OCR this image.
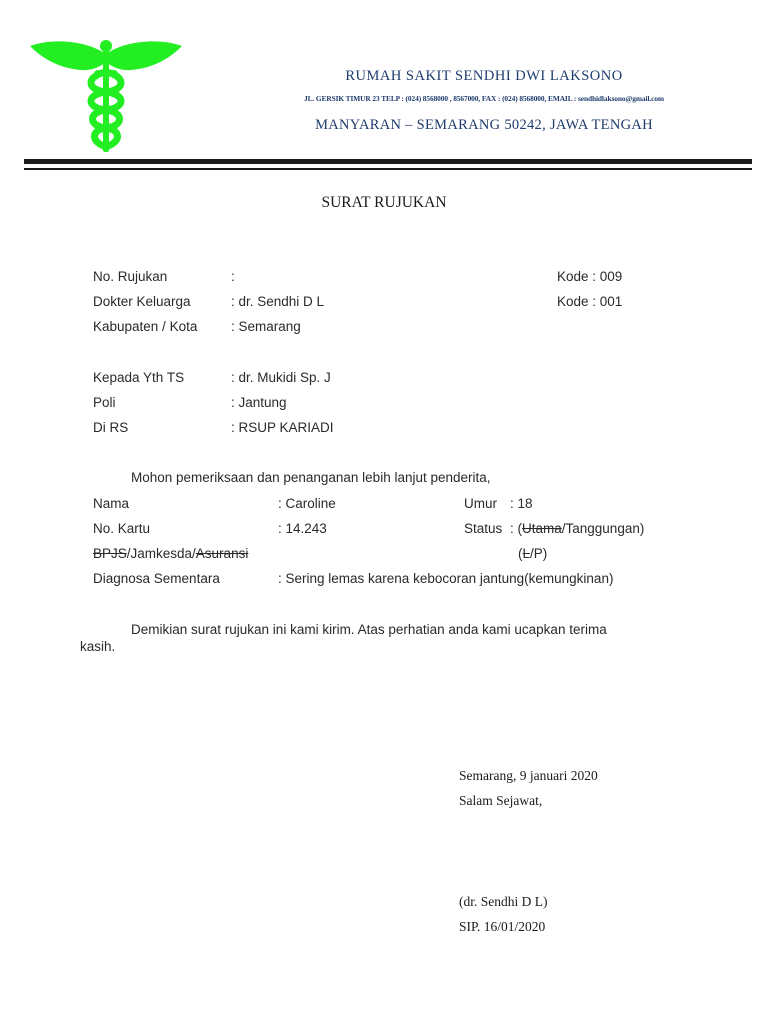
RUMAH SAKIT SENDHI DWI LAKSONO
JL. GERSIK TIMUR 23 TELP : (024) 8568000 , 8567000, FAX : (024) 8568000, EMAIL : sendhidlaksono@gmail.com
MANYARAN – SEMARANG 50242, JAWA TENGAH
SURAT RUJUKAN
No. Rujukan	:	Kode : 009
Dokter Keluarga	: dr. Sendhi D L	Kode : 001
Kabupaten / Kota : Semarang
Kepada Yth TS	: dr. Mukidi Sp. J
Poli	: Jantung
Di RS	: RSUP KARIADI
Mohon pemeriksaan dan penanganan lebih lanjut penderita,
Nama	: Caroline	Umur : 18
No. Kartu	: 14.243	Status : (Utama/Tanggungan)
BPJS/Jamkesda/Asuransi	(L/P)
Diagnosa Sementara	: Sering lemas karena kebocoran jantung(kemungkinan)
Demikian surat rujukan ini kami kirim. Atas perhatian anda kami ucapkan terima
kasih.
Semarang, 9 januari 2020
Salam Sejawat,
(dr. Sendhi D L)
SIP. 16/01/2020
